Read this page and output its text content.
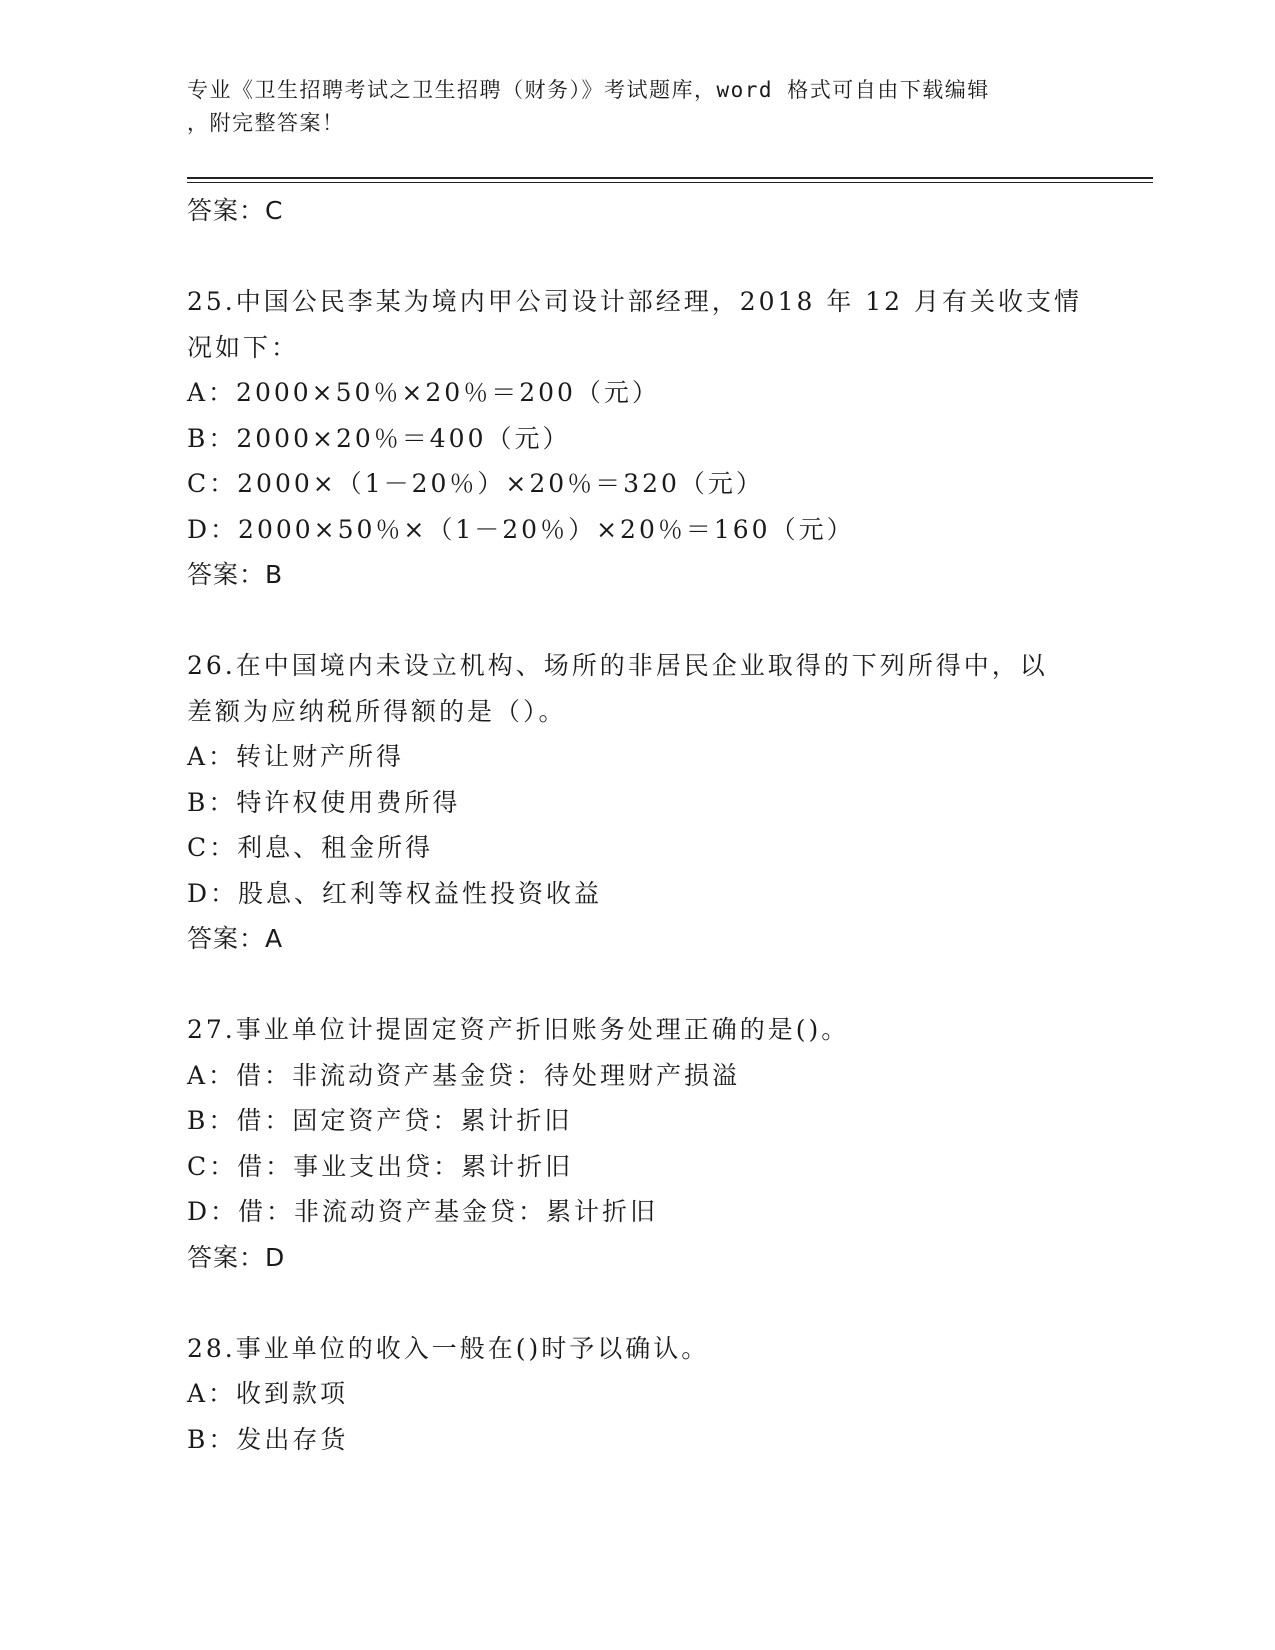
专业《卫生招聘考试之卫生招聘（财务）》考试题库，word 格式可自由下载编辑
，附完整答案！
答案：C
25.中国公民李某为境内甲公司设计部经理，2018 年 12 月有关收支情
况如下：
A：2000×50％×20％＝200（元）
B：2000×20％＝400（元）
C：2000×（1－20％）×20％＝320（元）
D：2000×50％×（1－20％）×20％＝160（元）
答案：B
26.在中国境内未设立机构、场所的非居民企业取得的下列所得中，以
差额为应纳税所得额的是（）。
A：转让财产所得
B：特许权使用费所得
C：利息、租金所得
D：股息、红利等权益性投资收益
答案：A
27.事业单位计提固定资产折旧账务处理正确的是()。
A：借：非流动资产基金贷：待处理财产损溢
B：借：固定资产贷：累计折旧
C：借：事业支出贷：累计折旧
D：借：非流动资产基金贷：累计折旧
答案：D
28.事业单位的收入一般在()时予以确认。
A：收到款项
B：发出存货
